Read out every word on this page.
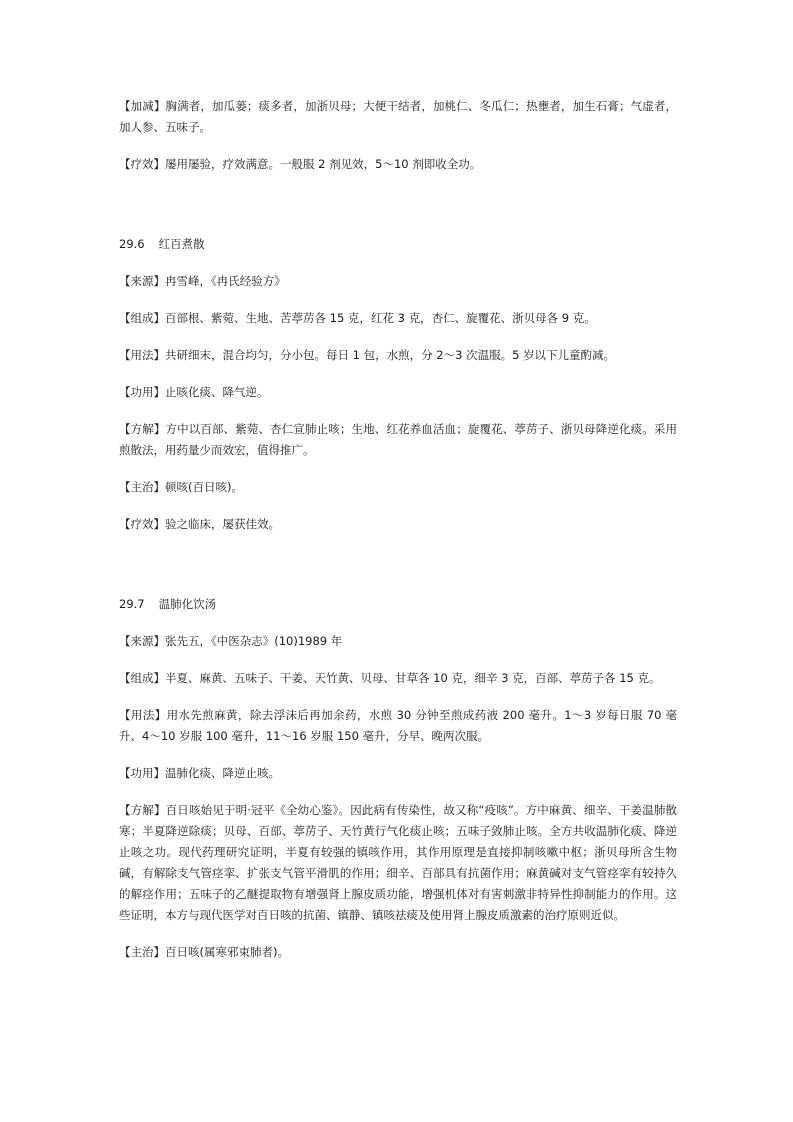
【加减】胸满者，加瓜蒌；痰多者，加浙贝母；大便干结者，加桃仁、冬瓜仁；热壅者，加生石膏；气虚者，加人参、五味子。

【疗效】屡用屡验，疗效满意。一般服 2 剂见效，5～10 剂即收全功。

29.6 红百煮散

【来源】冉雪峰，《冉氏经验方》

【组成】百部根、紫菀、生地、苦葶苈各 15 克，红花 3 克，杏仁、旋覆花、浙贝母各 9 克。

【用法】共研细末，混合均匀，分小包。每日 1 包，水煎，分 2～3 次温服。5 岁以下儿童酌减。

【功用】止咳化痰、降气逆。

【方解】方中以百部、紫菀、杏仁宣肺止咳；生地、红花养血活血；旋覆花、葶苈子、浙贝母降逆化痰。采用煎散法，用药量少而效宏，值得推广。

【主治】顿咳(百日咳)。

【疗效】验之临床，屡获佳效。

29.7 温肺化饮汤

【来源】张先五，《中医杂志》(10)1989 年

【组成】半夏、麻黄、五味子、干姜、天竹黄、贝母、甘草各 10 克，细辛 3 克，百部、葶苈子各 15 克。

【用法】用水先煎麻黄，除去浮沫后再加余药，水煎 30 分钟至煎成药液 200 毫升。1～3 岁每日服 70 毫升、4～10 岁服 100 毫升，11～16 岁服 150 毫升，分早、晚两次服。

【功用】温肺化痰、降逆止咳。

【方解】百日咳始见于明·冠平《全幼心鉴》。因此病有传染性，故又称“疫咳”。方中麻黄、细辛、干姜温肺散寒；半夏降逆除痰；贝母、百部、葶苈子、天竹黄行气化痰止咳；五味子敛肺止咳。全方共收温肺化痰、降逆止咳之功。现代药理研究证明，半夏有较强的镇咳作用，其作用原理是直接抑制咳嗽中枢；浙贝母所含生物碱，有解除支气管痉挛、扩张支气管平滑肌的作用；细辛、百部具有抗菌作用；麻黄碱对支气管痉挛有较持久的解痉作用；五味子的乙醚提取物有增强肾上腺皮质功能，增强机体对有害刺激非特异性抑制能力的作用。这些证明，本方与现代医学对百日咳的抗菌、镇静、镇咳祛痰及使用肾上腺皮质激素的治疗原则近似。

【主治】百日咳(属寒邪束肺者)。
